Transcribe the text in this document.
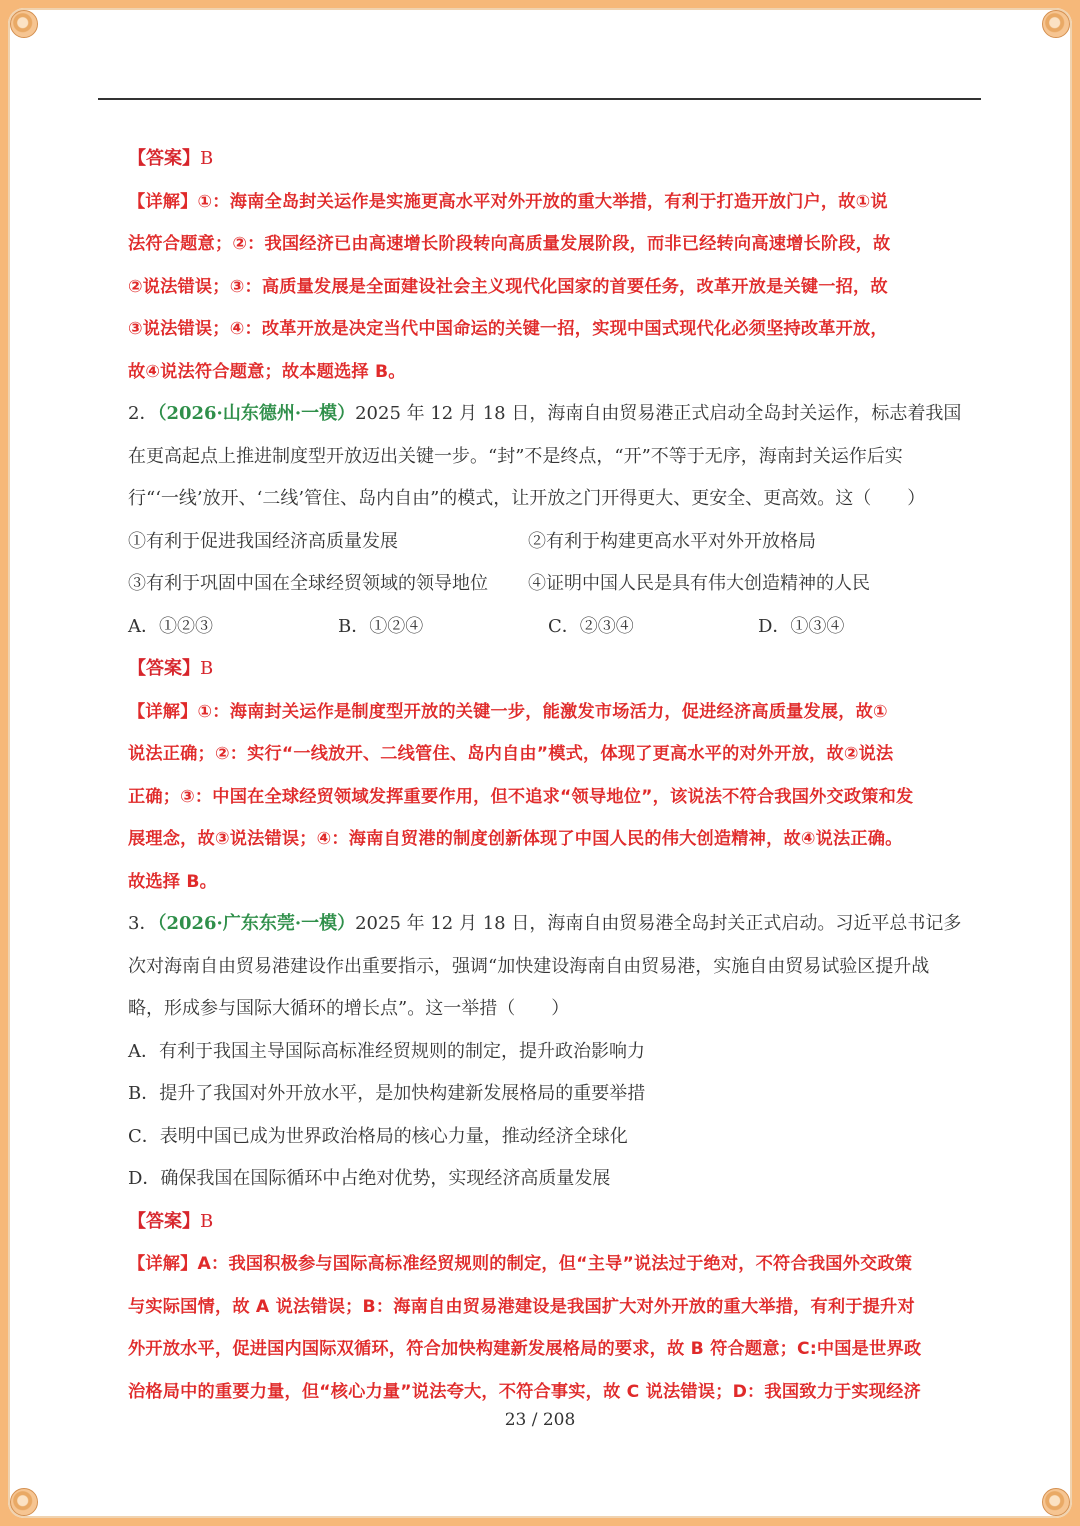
【答案】B
【详解】①：海南全岛封关运作是实施更高水平对外开放的重大举措，有利于打造开放门户，故①说
法符合题意；②：我国经济已由高速增长阶段转向高质量发展阶段，而非已经转向高速增长阶段，故
②说法错误；③：高质量发展是全面建设社会主义现代化国家的首要任务，改革开放是关键一招，故
③说法错误；④：改革开放是决定当代中国命运的关键一招，实现中国式现代化必须坚持改革开放，
故④说法符合题意；故本题选择 B。
2．（2026·山东德州·一模）2025 年 12 月 18 日，海南自由贸易港正式启动全岛封关运作，标志着我国
在更高起点上推进制度型开放迈出关键一步。“封”不是终点，“开”不等于无序，海南封关运作后实
行“‘一线’放开、‘二线’管住、岛内自由”的模式，让开放之门开得更大、更安全、更高效。这（　　）
①有利于促进我国经济高质量发展	②有利于构建更高水平对外开放格局
③有利于巩固中国在全球经贸领域的领导地位 ④证明中国人民是具有伟大创造精神的人民
A．①②③	B．①②④	C．②③④	D．①③④
【答案】B
【详解】①：海南封关运作是制度型开放的关键一步，能激发市场活力，促进经济高质量发展，故①
说法正确；②：实行“一线放开、二线管住、岛内自由”模式，体现了更高水平的对外开放，故②说法
正确；③：中国在全球经贸领域发挥重要作用，但不追求“领导地位”，该说法不符合我国外交政策和发
展理念，故③说法错误；④：海南自贸港的制度创新体现了中国人民的伟大创造精神，故④说法正确。
故选择 B。
3．（2026·广东东莞·一模）2025 年 12 月 18 日，海南自由贸易港全岛封关正式启动。习近平总书记多
次对海南自由贸易港建设作出重要指示，强调“加快建设海南自由贸易港，实施自由贸易试验区提升战
略，形成参与国际大循环的增长点”。这一举措（　　）
A．有利于我国主导国际高标准经贸规则的制定，提升政治影响力
B．提升了我国对外开放水平，是加快构建新发展格局的重要举措
C．表明中国已成为世界政治格局的核心力量，推动经济全球化
D．确保我国在国际循环中占绝对优势，实现经济高质量发展
【答案】B
【详解】A：我国积极参与国际高标准经贸规则的制定，但“主导”说法过于绝对，不符合我国外交政策
与实际国情，故 A 说法错误；B：海南自由贸易港建设是我国扩大对外开放的重大举措，有利于提升对
外开放水平，促进国内国际双循环，符合加快构建新发展格局的要求，故 B 符合题意；C:中国是世界政
治格局中的重要力量，但“核心力量”说法夸大，不符合事实，故 C 说法错误；D：我国致力于实现经济
23 / 208
